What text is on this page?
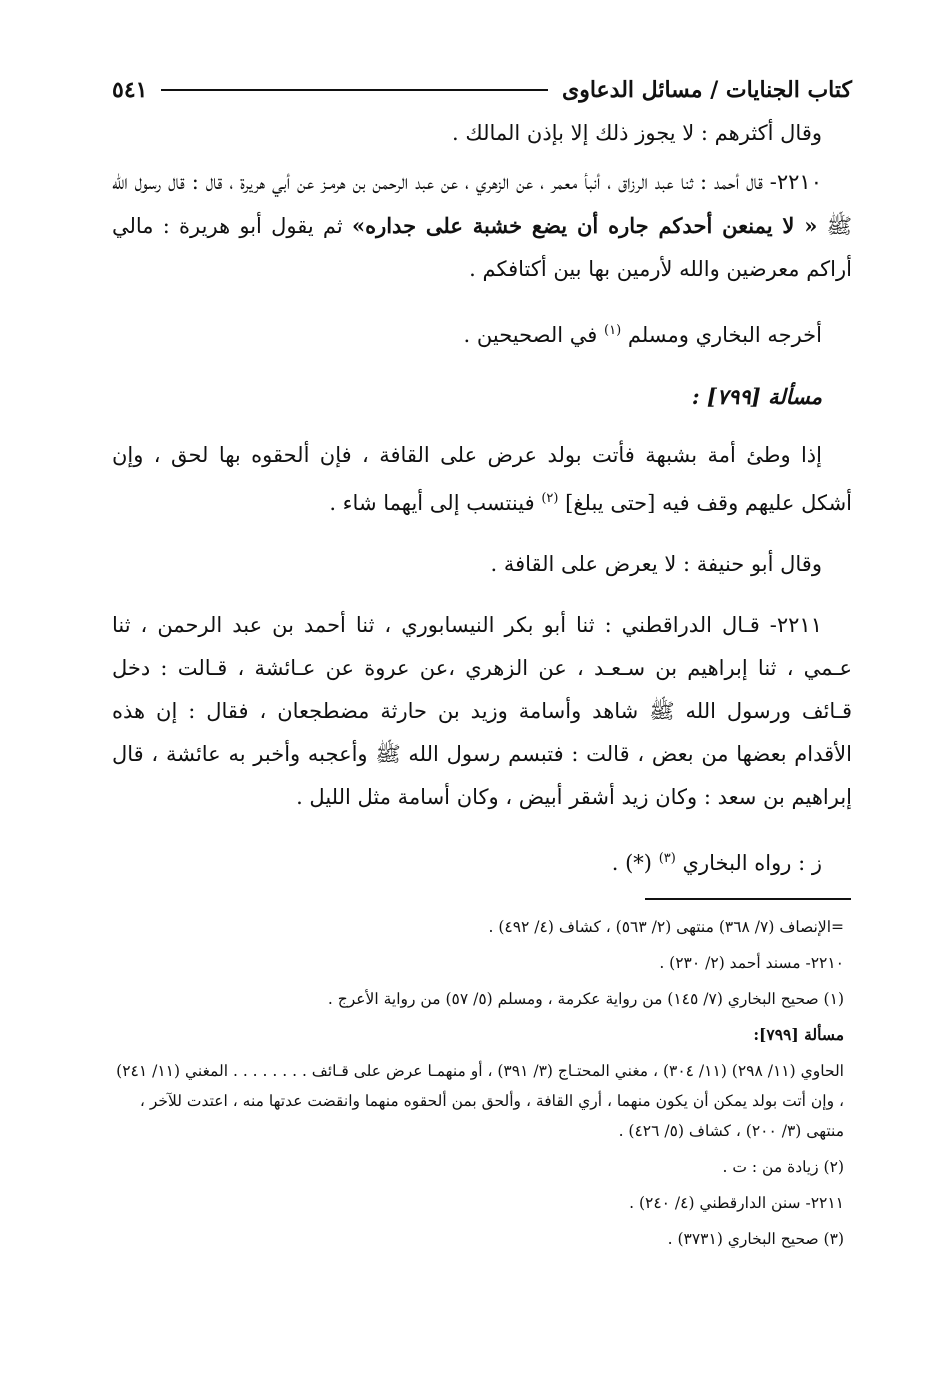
كتاب الجنايات / مسائل الدعاوى
٥٤١

وقال أكثرهم : لا يجوز ذلك إلا بإذن المالك .

٢٢١٠- قال أحمد : ثنا عبد الرزاق ، أنبأ معمر ، عن الزهري ، عن عبد الرحمن بن هرمـز عن أبي هريرة ، قال : قال رسول الله ﷺ « لا يمنعن أحدكم جاره أن يضع خشبة على جداره» ثم يقول أبو هريرة : مالي أراكم معرضين والله لأرمين بها بين أكتافكم .

أخرجه البخاري ومسلم $^{(١)}$ في الصحيحين .

مسألة [٧٩٩] :

إذا وطئ أمة بشبهة فأتت بولد عرض على القافة ، فإن ألحقوه بها لحق ، وإن أشكل عليهم وقف فيه [حتى يبلغ] $^{(٢)}$ فينتسب إلى أيهما شاء .

وقال أبو حنيفة : لا يعرض على القافة .

٢٢١١- قـال الدراقطني : ثنا أبو بكر النيسابوري ، ثنا أحمد بن عبد الرحمن ، ثنا عـمي ، ثنا إبراهيم بن سـعـد ، عن الزهري ،عن عروة عن عـائشة ، قـالت : دخل قـائف ورسول الله ﷺ شاهد وأسامة وزيد بن حارثة مضطجعان ، فقال : إن هذه الأقدام بعضها من بعض ، قالت : فتبسم رسول الله ﷺ وأعجبه وأخبر به عائشة ، قال إبراهيم بن سعد : وكان زيد أشقر أبيض ، وكان أسامة مثل الليل .

ز : رواه البخاري $^{(٣)}$ (*) .

=الإنصاف (٧/ ٣٦٨) منتهى (٢/ ٥٦٣) ، كشاف (٤/ ٤٩٢) .

٢٢١٠- مسند أحمد (٢/ ٢٣٠) .

(١) صحيح البخاري (٧/ ١٤٥) من رواية عكرمة ، ومسلم (٥/ ٥٧) من رواية الأعرج .

مسألة [٧٩٩]:

الحاوي (١١/ ٢٩٨) (١١/ ٣٠٤) ، مغني المحتـاج (٣/ ٣٩١) ، أو منهمـا عرض على قـائف . . . . . . . . المغني (١١/ ٢٤١) ، وإن أتت بولد يمكن أن يكون منهما ، أري القافة ، وألحق بمن ألحقوه منهما وانقضت عدتها منه ، اعتدت للآخر ، منتهى (٣/ ٢٠٠) ، كشاف (٥/ ٤٢٦) .

(٢) زيادة من : ت .

٢٢١١- سنن الدارقطني (٤/ ٢٤٠) .

(٣) صحيح البخاري (٣٧٣١) .
